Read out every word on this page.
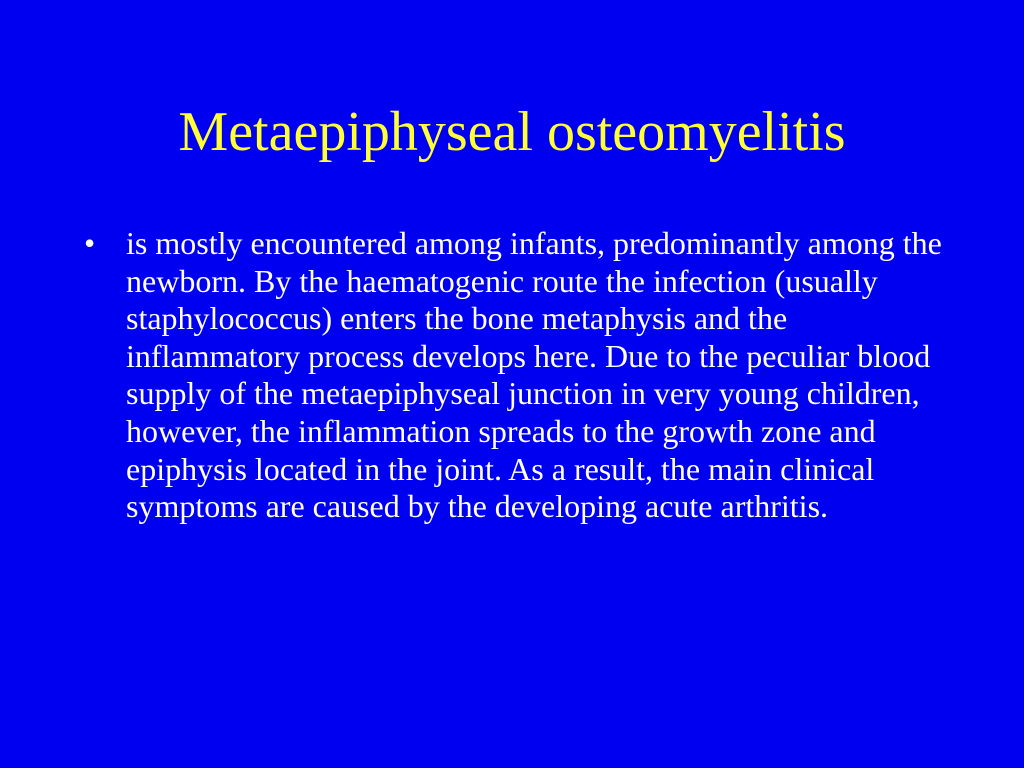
Metaepiphyseal osteomyelitis
• is mostly encountered among infants, predominantly among the newborn. By the haematogenic route the infection (usually staphylococcus) enters the bone metaphysis and the inflammatory process develops here. Due to the peculiar blood supply of the metaepiphyseal junction in very young children, however, the inflammation spreads to the growth zone and epiphysis located in the joint. As a result, the main clinical symptoms are caused by the developing acute arthritis.
